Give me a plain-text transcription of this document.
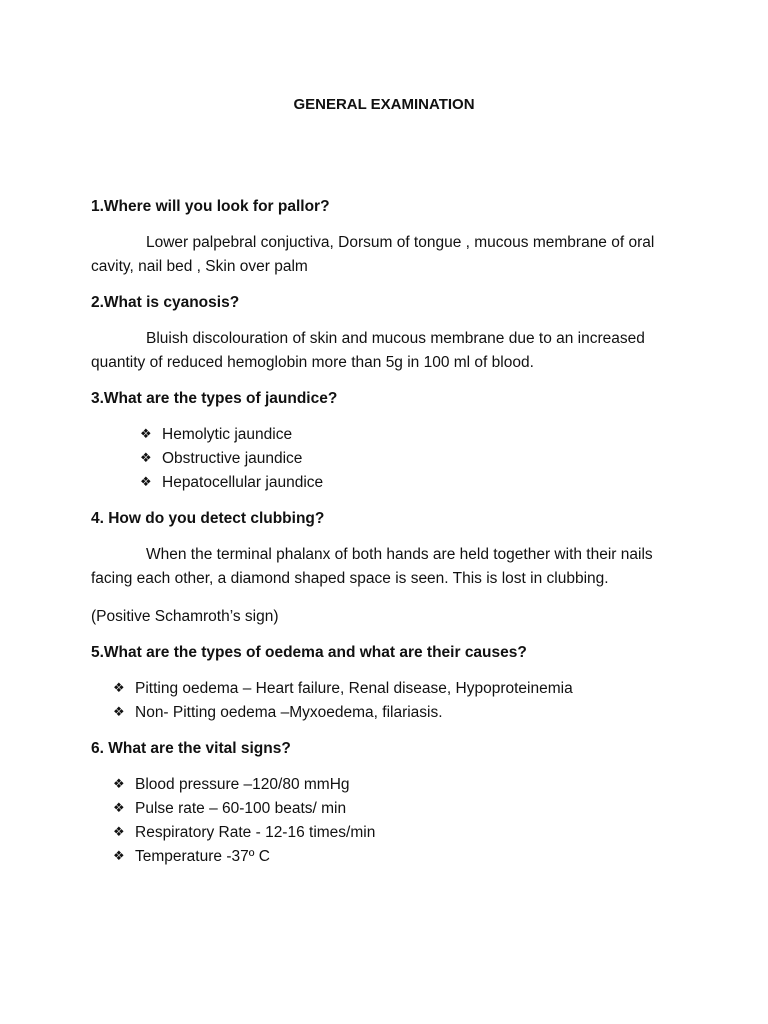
GENERAL EXAMINATION
1.Where will you look for pallor?
Lower palpebral conjuctiva, Dorsum of tongue , mucous membrane of oral cavity, nail bed , Skin over palm
2.What is cyanosis?
Bluish discolouration of skin and mucous membrane due to an increased quantity of reduced hemoglobin more than 5g in 100 ml of blood.
3.What are the types of jaundice?
❖ Hemolytic jaundice
❖ Obstructive jaundice
❖ Hepatocellular jaundice
4. How do you detect clubbing?
When the terminal phalanx of both hands are held together with their nails facing each other, a diamond shaped space is seen. This is lost in clubbing.
(Positive Schamroth’s sign)
5.What are the types of oedema and what are their causes?
❖ Pitting oedema – Heart failure, Renal disease, Hypoproteinemia
❖ Non- Pitting oedema –Myxoedema, filariasis.
6. What are the vital signs?
❖ Blood pressure –120/80 mmHg
❖ Pulse rate – 60-100 beats/ min
❖ Respiratory Rate - 12-16 times/min
❖ Temperature -37º C
